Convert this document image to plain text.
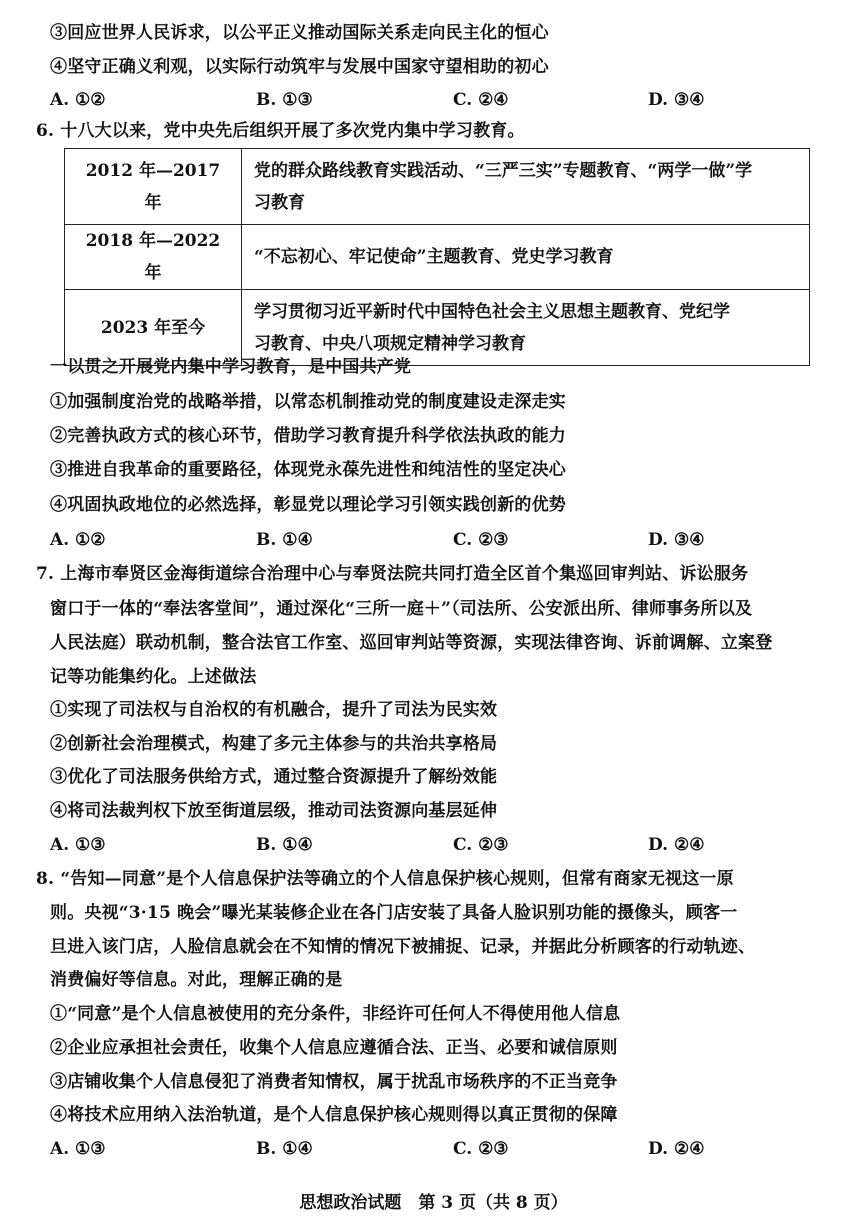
③回应世界人民诉求，以公平正义推动国际关系走向民主化的恒心
④坚守正确义利观，以实际行动筑牢与发展中国家守望相助的初心
A. ①②	B. ①③	C. ②④	D. ③④
6. 十八大以来，党中央先后组织开展了多次党内集中学习教育。
2012 年—2017 年	党的群众路线教育实践活动、“三严三实”专题教育、“两学一做”学
习教育

2018 年—2022 年	“不忘初心、牢记使命”主题教育、党史学习教育

2023 年至今	学习贯彻习近平新时代中国特色社会主义思想主题教育、党纪学
习教育、中央八项规定精神学习教育
一以贯之开展党内集中学习教育，是中国共产党
①加强制度治党的战略举措，以常态机制推动党的制度建设走深走实
②完善执政方式的核心环节，借助学习教育提升科学依法执政的能力
③推进自我革命的重要路径，体现党永葆先进性和纯洁性的坚定决心
④巩固执政地位的必然选择，彰显党以理论学习引领实践创新的优势
A. ①②	B. ①④	C. ②③	D. ③④
7. 上海市奉贤区金海街道综合治理中心与奉贤法院共同打造全区首个集巡回审判站、诉讼服务
窗口于一体的“奉法客堂间”，通过深化“三所一庭＋”（司法所、公安派出所、律师事务所以及
人民法庭）联动机制，整合法官工作室、巡回审判站等资源，实现法律咨询、诉前调解、立案登
记等功能集约化。上述做法
①实现了司法权与自治权的有机融合，提升了司法为民实效
②创新社会治理模式，构建了多元主体参与的共治共享格局
③优化了司法服务供给方式，通过整合资源提升了解纷效能
④将司法裁判权下放至街道层级，推动司法资源向基层延伸
A. ①③	B. ①④	C. ②③	D. ②④
8. “告知—同意”是个人信息保护法等确立的个人信息保护核心规则，但常有商家无视这一原
则。央视“3·15 晚会”曝光某装修企业在各门店安装了具备人脸识别功能的摄像头，顾客一
旦进入该门店，人脸信息就会在不知情的情况下被捕捉、记录，并据此分析顾客的行动轨迹、
消费偏好等信息。对此，理解正确的是
①“同意”是个人信息被使用的充分条件，非经许可任何人不得使用他人信息
②企业应承担社会责任，收集个人信息应遵循合法、正当、必要和诚信原则
③店铺收集个人信息侵犯了消费者知情权，属于扰乱市场秩序的不正当竞争
④将技术应用纳入法治轨道，是个人信息保护核心规则得以真正贯彻的保障
A. ①③	B. ①④	C. ②③	D. ②④
思想政治试题　第 3 页（共 8 页）
